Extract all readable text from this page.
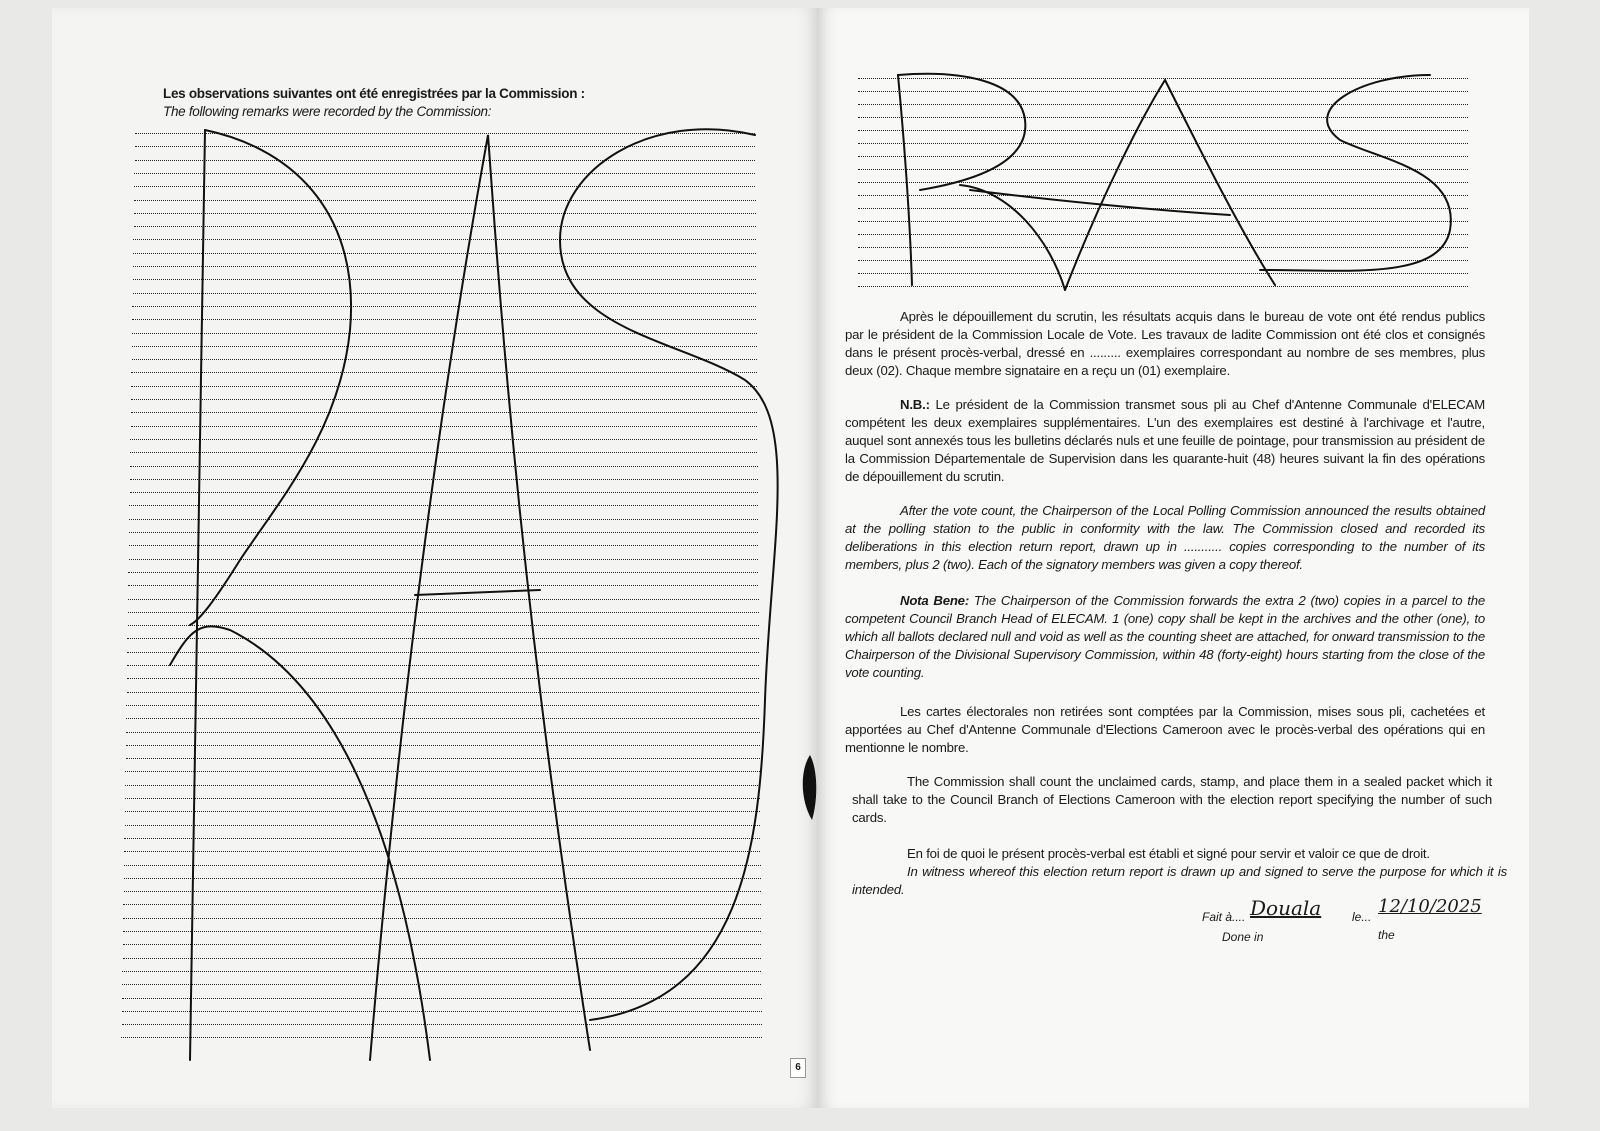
Les observations suivantes ont été enregistrées par la Commission :
The following remarks were recorded by the Commission:
Après le dépouillement du scrutin, les résultats acquis dans le bureau de vote ont été rendus publics par le président de la Commission Locale de Vote. Les travaux de ladite Commission ont été clos et consignés dans le présent procès-verbal, dressé en ......... exemplaires correspondant au nombre de ses membres, plus deux (02). Chaque membre signataire en a reçu un (01) exemplaire.
N.B.: Le président de la Commission transmet sous pli au Chef d'Antenne Communale d'ELECAM compétent les deux exemplaires supplémentaires. L'un des exemplaires est destiné à l'archivage et l'autre, auquel sont annexés tous les bulletins déclarés nuls et une feuille de pointage, pour transmission au président de la Commission Départementale de Supervision dans les quarante-huit (48) heures suivant la fin des opérations de dépouillement du scrutin.
After the vote count, the Chairperson of the Local Polling Commission announced the results obtained at the polling station to the public in conformity with the law. The Commission closed and recorded its deliberations in this election return report, drawn up in ........... copies corresponding to the number of its members, plus 2 (two). Each of the signatory members was given a copy thereof.
Nota Bene: The Chairperson of the Commission forwards the extra 2 (two) copies in a parcel to the competent Council Branch Head of ELECAM. 1 (one) copy shall be kept in the archives and the other (one), to which all ballots declared null and void as well as the counting sheet are attached, for onward transmission to the Chairperson of the Divisional Supervisory Commission, within 48 (forty-eight) hours starting from the close of the vote counting.
Les cartes électorales non retirées sont comptées par la Commission, mises sous pli, cachetées et apportées au Chef d'Antenne Communale d'Elections Cameroon avec le procès-verbal des opérations qui en mentionne le nombre.
The Commission shall count the unclaimed cards, stamp, and place them in a sealed packet which it shall take to the Council Branch of Elections Cameroon with the election report specifying the number of such cards.
En foi de quoi le présent procès-verbal est établi et signé pour servir et valoir ce que de droit.
In witness whereof this election return report is drawn up and signed to serve the purpose for which it is intended.
Fait à.... Douala	le... 12/10/2025
Done in	the
6
